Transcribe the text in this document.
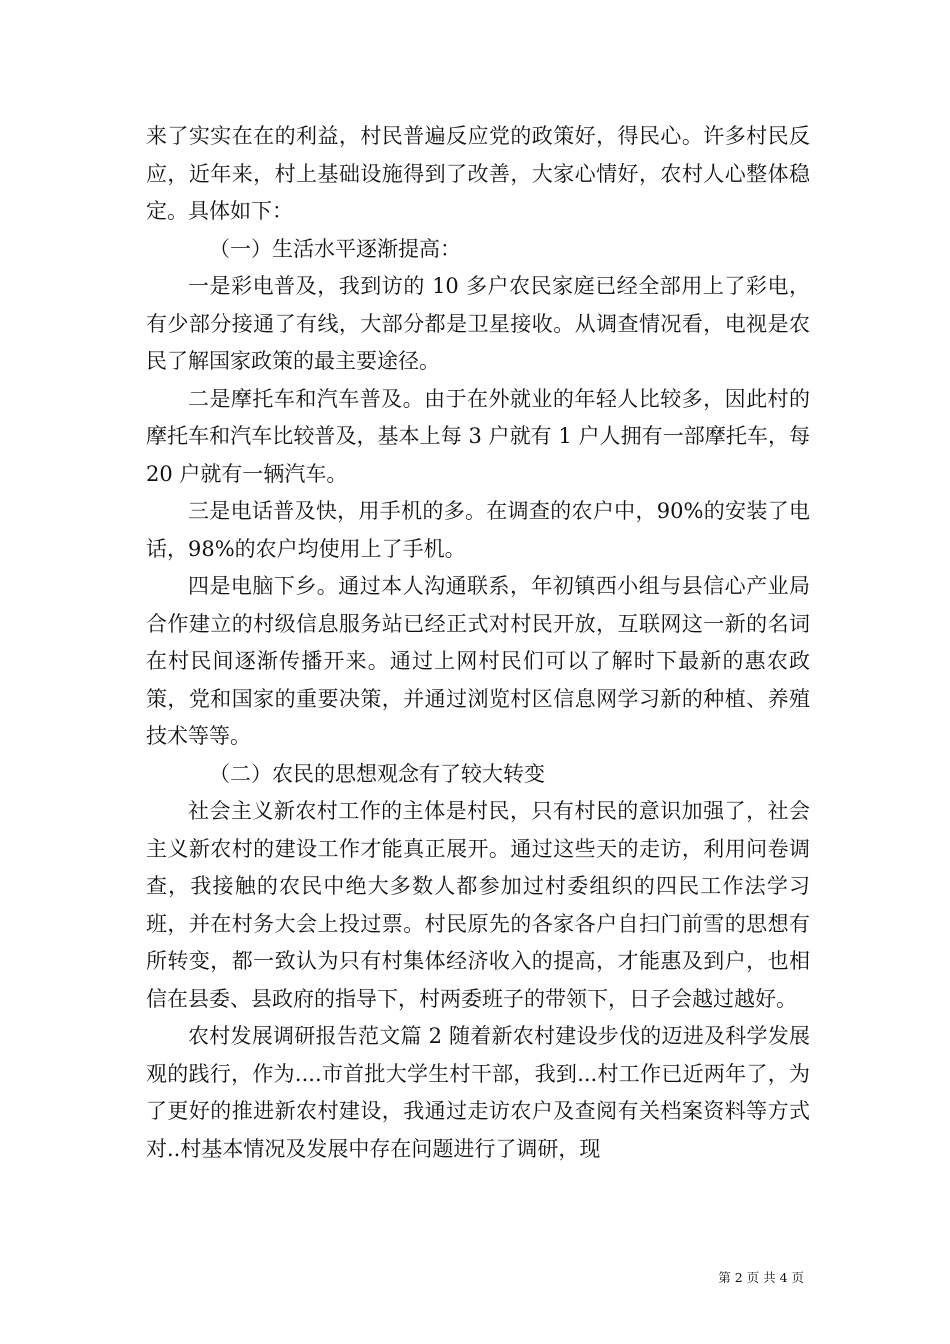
来了实实在在的利益，村民普遍反应党的政策好，得民心。许多村民反应，近年来，村上基础设施得到了改善，大家心情好，农村人心整体稳定。具体如下：

（一）生活水平逐渐提高：

一是彩电普及，我到访的 10 多户农民家庭已经全部用上了彩电，有少部分接通了有线，大部分都是卫星接收。从调查情况看，电视是农民了解国家政策的最主要途径。

二是摩托车和汽车普及。由于在外就业的年轻人比较多，因此村的摩托车和汽车比较普及，基本上每 3 户就有 1 户人拥有一部摩托车，每 20 户就有一辆汽车。

三是电话普及快，用手机的多。在调查的农户中，90%的安装了电话，98%的农户均使用上了手机。

四是电脑下乡。通过本人沟通联系，年初镇西小组与县信心产业局合作建立的村级信息服务站已经正式对村民开放，互联网这一新的名词在村民间逐渐传播开来。通过上网村民们可以了解时下最新的惠农政策，党和国家的重要决策，并通过浏览村区信息网学习新的种植、养殖技术等等。

（二）农民的思想观念有了较大转变

社会主义新农村工作的主体是村民，只有村民的意识加强了，社会主义新农村的建设工作才能真正展开。通过这些天的走访，利用问卷调查，我接触的农民中绝大多数人都参加过村委组织的四民工作法学习班，并在村务大会上投过票。村民原先的各家各户自扫门前雪的思想有所转变，都一致认为只有村集体经济收入的提高，才能惠及到户，也相信在县委、县政府的指导下，村两委班子的带领下，日子会越过越好。

农村发展调研报告范文篇 2 随着新农村建设步伐的迈进及科学发展观的践行，作为....市首批大学生村干部，我到...村工作已近两年了，为了更好的推进新农村建设，我通过走访农户及查阅有关档案资料等方式对..村基本情况及发展中存在问题进行了调研，现

第 2 页 共 4 页
